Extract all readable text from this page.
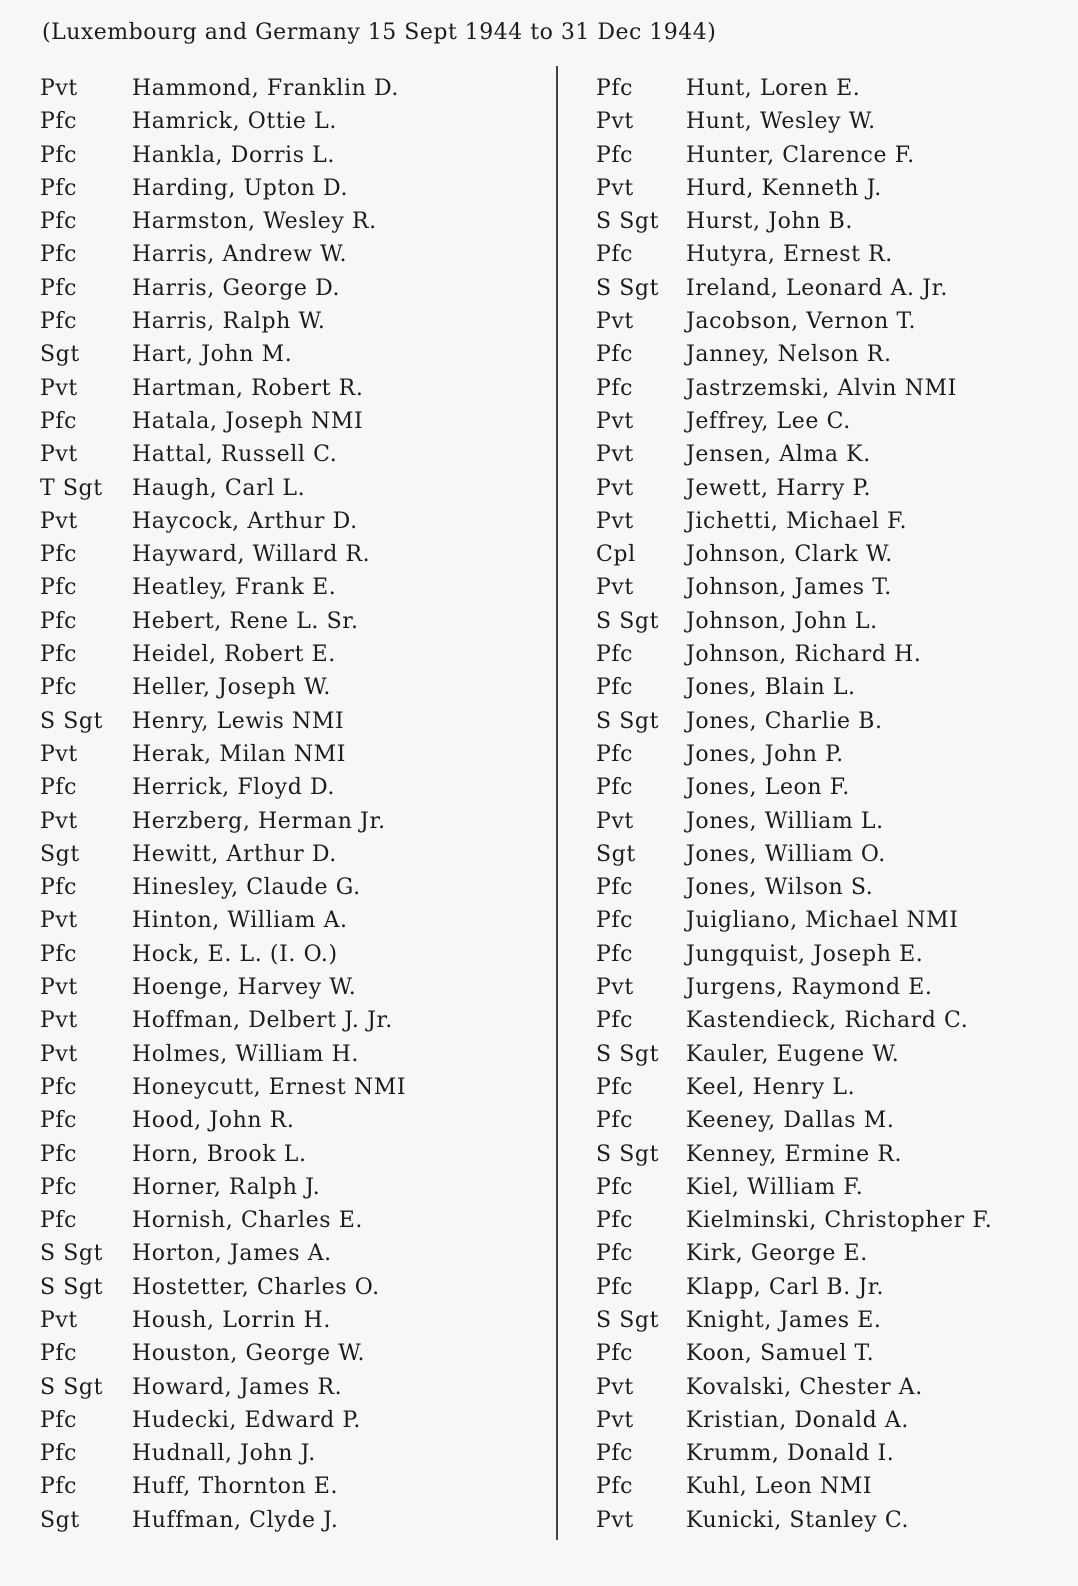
(Luxembourg and Germany 15 Sept 1944 to 31 Dec 1944)
Pvt Hammond, Franklin D.
Pfc Hamrick, Ottie L.
Pfc Hankla, Dorris L.
Pfc Harding, Upton D.
Pfc Harmston, Wesley R.
Pfc Harris, Andrew W.
Pfc Harris, George D.
Pfc Harris, Ralph W.
Sgt Hart, John M.
Pvt Hartman, Robert R.
Pfc Hatala, Joseph NMI
Pvt Hattal, Russell C.
T Sgt Haugh, Carl L.
Pvt Haycock, Arthur D.
Pfc Hayward, Willard R.
Pfc Heatley, Frank E.
Pfc Hebert, Rene L. Sr.
Pfc Heidel, Robert E.
Pfc Heller, Joseph W.
S Sgt Henry, Lewis NMI
Pvt Herak, Milan NMI
Pfc Herrick, Floyd D.
Pvt Herzberg, Herman Jr.
Sgt Hewitt, Arthur D.
Pfc Hinesley, Claude G.
Pvt Hinton, William A.
Pfc Hock, E. L. (I. O.)
Pvt Hoenge, Harvey W.
Pvt Hoffman, Delbert J. Jr.
Pvt Holmes, William H.
Pfc Honeycutt, Ernest NMI
Pfc Hood, John R.
Pfc Horn, Brook L.
Pfc Horner, Ralph J.
Pfc Hornish, Charles E.
S Sgt Horton, James A.
S Sgt Hostetter, Charles O.
Pvt Housh, Lorrin H.
Pfc Houston, George W.
S Sgt Howard, James R.
Pfc Hudecki, Edward P.
Pfc Hudnall, John J.
Pfc Huff, Thornton E.
Sgt Huffman, Clyde J.
Pfc Hunt, Loren E.
Pvt Hunt, Wesley W.
Pfc Hunter, Clarence F.
Pvt Hurd, Kenneth J.
S Sgt Hurst, John B.
Pfc Hutyra, Ernest R.
S Sgt Ireland, Leonard A. Jr.
Pvt Jacobson, Vernon T.
Pfc Janney, Nelson R.
Pfc Jastrzemski, Alvin NMI
Pvt Jeffrey, Lee C.
Pvt Jensen, Alma K.
Pvt Jewett, Harry P.
Pvt Jichetti, Michael F.
Cpl Johnson, Clark W.
Pvt Johnson, James T.
S Sgt Johnson, John L.
Pfc Johnson, Richard H.
Pfc Jones, Blain L.
S Sgt Jones, Charlie B.
Pfc Jones, John P.
Pfc Jones, Leon F.
Pvt Jones, William L.
Sgt Jones, William O.
Pfc Jones, Wilson S.
Pfc Juigliano, Michael NMI
Pfc Jungquist, Joseph E.
Pvt Jurgens, Raymond E.
Pfc Kastendieck, Richard C.
S Sgt Kauler, Eugene W.
Pfc Keel, Henry L.
Pfc Keeney, Dallas M.
S Sgt Kenney, Ermine R.
Pfc Kiel, William F.
Pfc Kielminski, Christopher F.
Pfc Kirk, George E.
Pfc Klapp, Carl B. Jr.
S Sgt Knight, James E.
Pfc Koon, Samuel T.
Pvt Kovalski, Chester A.
Pvt Kristian, Donald A.
Pfc Krumm, Donald I.
Pfc Kuhl, Leon NMI
Pvt Kunicki, Stanley C.
